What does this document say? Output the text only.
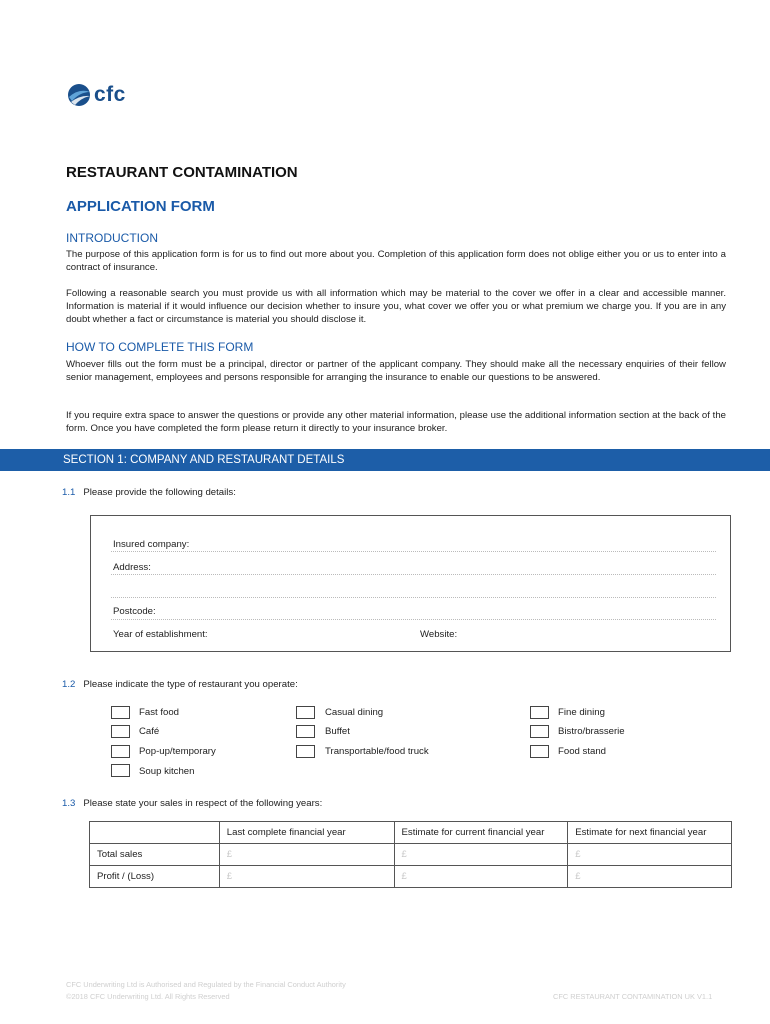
cfc
RESTAURANT CONTAMINATION
APPLICATION FORM
INTRODUCTION
The purpose of this application form is for us to find out more about you. Completion of this application form does not oblige either you or us to enter into a contract of insurance.
Following a reasonable search you must provide us with all information which may be material to the cover we offer in a clear and accessible manner. Information is material if it would influence our decision whether to insure you, what cover we offer you or what premium we charge you. If you are in any doubt whether a fact or circumstance is material you should disclose it.
HOW TO COMPLETE THIS FORM
Whoever fills out the form must be a principal, director or partner of the applicant company. They should make all the necessary enquiries of their fellow senior management, employees and persons responsible for arranging the insurance to enable our questions to be answered.
If you require extra space to answer the questions or provide any other material information, please use the additional information section at the back of the form. Once you have completed the form please return it directly to your insurance broker.
SECTION 1: COMPANY AND RESTAURANT DETAILS
1.1 Please provide the following details:
Insured company:
Address:
Postcode:
Year of establishment:	Website:
1.2 Please indicate the type of restaurant you operate:
Fast food	Casual dining	Fine dining
Café	Buffet	Bistro/brasserie
Pop-up/temporary	Transportable/food truck	Food stand
Soup kitchen
1.3 Please state your sales in respect of the following years:
	Last complete financial year	Estimate for current financial year	Estimate for next financial year
Total sales	£	£	£
Profit / (Loss)	£	£	£
CFC Underwriting Ltd is Authorised and Regulated by the Financial Conduct Authority
©2018 CFC Underwriting Ltd. All Rights Reserved	CFC RESTAURANT CONTAMINATION UK V1.1
